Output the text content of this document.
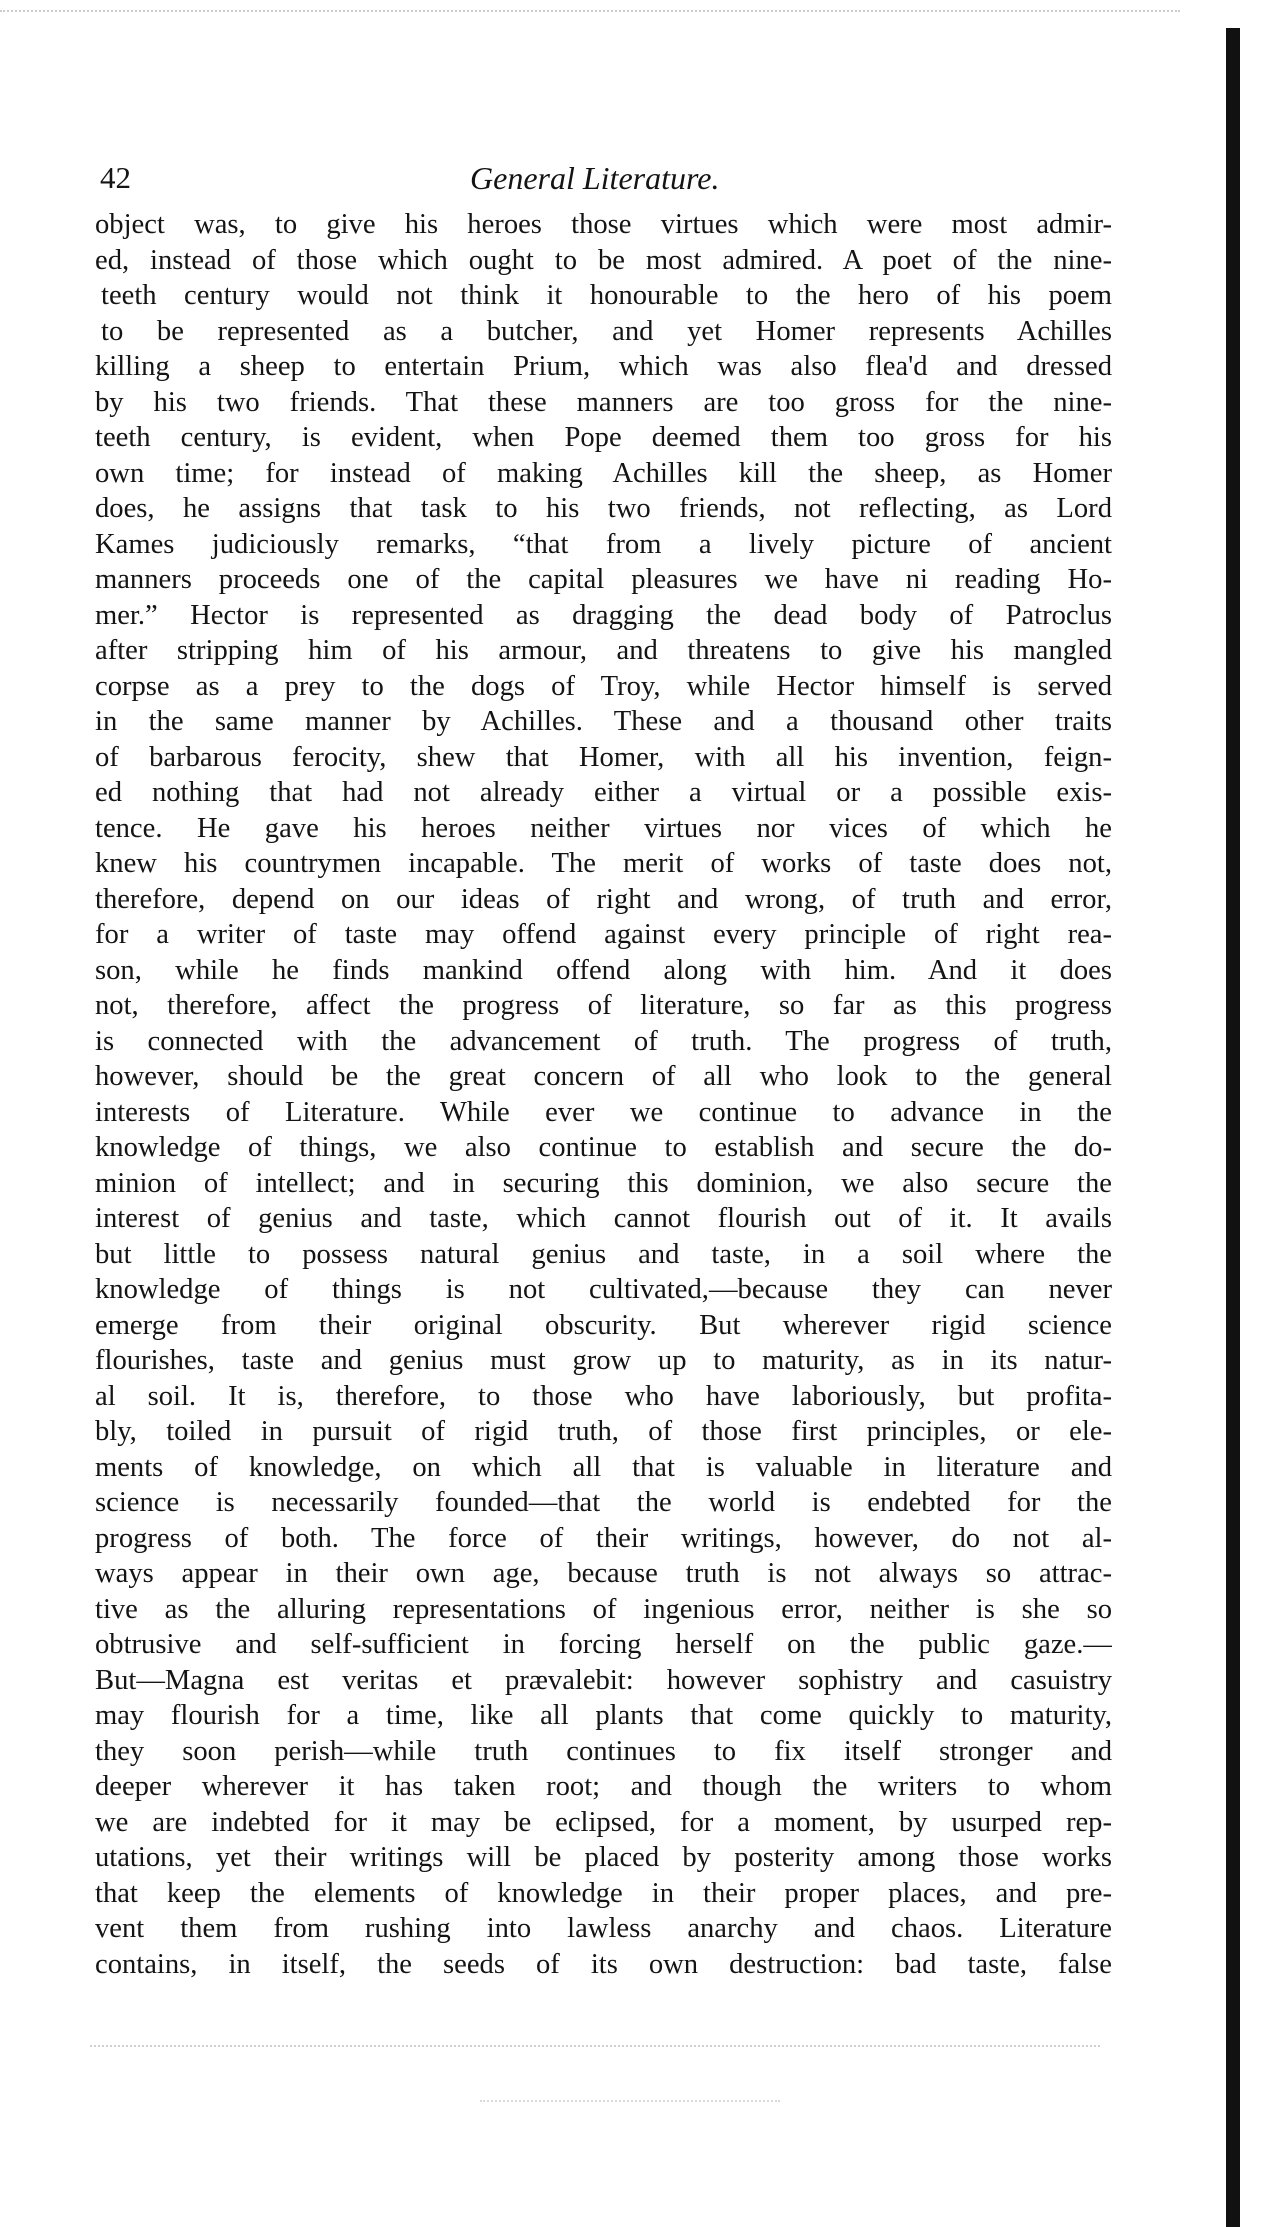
42	General Literature.
object was, to give his heroes those virtues which were most admir-
ed, instead of those which ought to be most admired. A poet of the nine-
teeth century would not think it honourable to the hero of his poem
to be represented as a butcher, and yet Homer represents Achilles
killing a sheep to entertain Prium, which was also flea'd and dressed
by his two friends. That these manners are too gross for the nine-
teeth century, is evident, when Pope deemed them too gross for his
own time; for instead of making Achilles kill the sheep, as Homer
does, he assigns that task to his two friends, not reflecting, as Lord
Kames judiciously remarks, “that from a lively picture of ancient
manners proceeds one of the capital pleasures we have ni reading Ho-
mer.” Hector is represented as dragging the dead body of Patroclus
after stripping him of his armour, and threatens to give his mangled
corpse as a prey to the dogs of Troy, while Hector himself is served
in the same manner by Achilles. These and a thousand other traits
of barbarous ferocity, shew that Homer, with all his invention, feign-
ed nothing that had not already either a virtual or a possible exis-
tence. He gave his heroes neither virtues nor vices of which he
knew his countrymen incapable. The merit of works of taste does not,
therefore, depend on our ideas of right and wrong, of truth and error,
for a writer of taste may offend against every principle of right rea-
son, while he finds mankind offend along with him. And it does
not, therefore, affect the progress of literature, so far as this progress
is connected with the advancement of truth. The progress of truth,
however, should be the great concern of all who look to the general
interests of Literature. While ever we continue to advance in the
knowledge of things, we also continue to establish and secure the do-
minion of intellect; and in securing this dominion, we also secure the
interest of genius and taste, which cannot flourish out of it. It avails
but little to possess natural genius and taste, in a soil where the
knowledge of things is not cultivated,—because they can never
emerge from their original obscurity. But wherever rigid science
flourishes, taste and genius must grow up to maturity, as in its natur-
al soil. It is, therefore, to those who have laboriously, but profita-
bly, toiled in pursuit of rigid truth, of those first principles, or ele-
ments of knowledge, on which all that is valuable in literature and
science is necessarily founded—that the world is endebted for the
progress of both. The force of their writings, however, do not al-
ways appear in their own age, because truth is not always so attrac-
tive as the alluring representations of ingenious error, neither is she so
obtrusive and self-sufficient in forcing herself on the public gaze.—
But—Magna est veritas et prævalebit: however sophistry and casuistry
may flourish for a time, like all plants that come quickly to maturity,
they soon perish—while truth continues to fix itself stronger and
deeper wherever it has taken root; and though the writers to whom
we are indebted for it may be eclipsed, for a moment, by usurped rep-
utations, yet their writings will be placed by posterity among those works
that keep the elements of knowledge in their proper places, and pre-
vent them from rushing into lawless anarchy and chaos. Literature
contains, in itself, the seeds of its own destruction: bad taste, false
